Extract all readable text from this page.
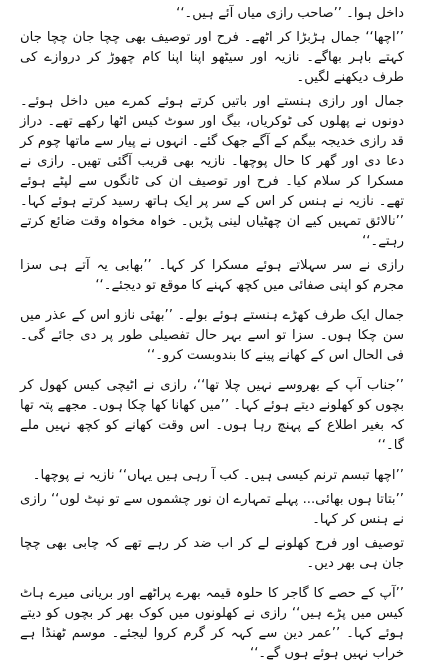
داخل ہوا۔ ’’صاحب رازی میاں آئے ہیں۔‘‘

’’اچھا‘‘ جمال ہڑبڑا کر اٹھے۔ فرح اور توصیف بھی چچا جان چچا جان کہتے باہر بھاگے۔ نازیہ اور سیٹھو اپنا اپنا کام چھوڑ کر دروازے کی طرف دیکھنے لگیں۔

جمال اور رازی ہنستے اور باتیں کرتے ہوئے کمرے میں داخل ہوئے۔ دونوں نے پھلوں کی ٹوکریاں، بیگ اور سوٹ کیس اٹھا رکھے تھے۔ دراز قد رازی خدیجہ بیگم کے آگے جھک گئے۔ انہوں نے پیار سے ماتھا چوم کر دعا دی اور گھر کا حال پوچھا۔ نازیہ بھی قریب آگئی تھیں۔ رازی نے مسکرا کر سلام کیا۔ فرح اور توصیف ان کی ٹانگوں سے لپٹے ہوئے تھے۔ نازیہ نے ہنس کر اس کے سر پر ایک ہاتھ رسید کرتے ہوئے کہا۔ ’’نالائق تمہیں کیے ان چھٹیاں لینی پڑیں۔ خواہ مخواہ وقت ضائع کرتے رہتے۔‘‘

رازی نے سر سہلاتے ہوئے مسکرا کر کہا۔ ’’بھابی یہ آتے ہی سزا مجرم کو اپنی صفائی میں کچھ کہنے کا موقع تو دیجئے۔‘‘

جمال ایک طرف کھڑے ہنستے ہوئے بولے۔ ’’بھئی نازو اس کے عذر میں سن چکا ہوں۔ سزا تو اسے بہر حال تفصیلی طور پر دی جائے گی۔ فی الحال اس کے کھانے پینے کا بندوبست کرو۔‘‘

’’جناب آپ کے بھروسے نہیں چلا تھا‘‘، رازی نے اٹیچی کیس کھول کر بچوں کو کھلونے دیتے ہوئے کہا۔ ’’میں کھانا کھا چکا ہوں۔ مجھے پتہ تھا کہ بغیر اطلاع کے پہنچ رہا ہوں۔ اس وقت کھانے کو کچھ نہیں ملے گا۔‘‘

’’اچھا تبسم ترنم کیسی ہیں۔ کب آ رہی ہیں یہاں‘‘ نازیہ نے پوچھا۔

’’بتاتا ہوں بھائی... پہلے تمہارے ان نور چشموں سے تو نپٹ لوں‘‘ رازی نے ہنس کر کہا۔

توصیف اور فرح کھلونے لے کر اب ضد کر رہے تھے کہ چابی بھی چچا جان ہی بھر دیں۔

’’آپ کے حصے کا گاجر کا حلوہ قیمہ بھرے پراٹھے اور بریانی میرے ہاٹ کیس میں پڑے ہیں‘‘ رازی نے کھلونوں میں کوک بھر کر بچوں کو دیتے ہوئے کہا۔ ’’عمر دین سے کہہ کر گرم کروا لیجئے۔ موسم ٹھنڈا ہے خراب نہیں ہوئے ہوں گے۔‘‘
